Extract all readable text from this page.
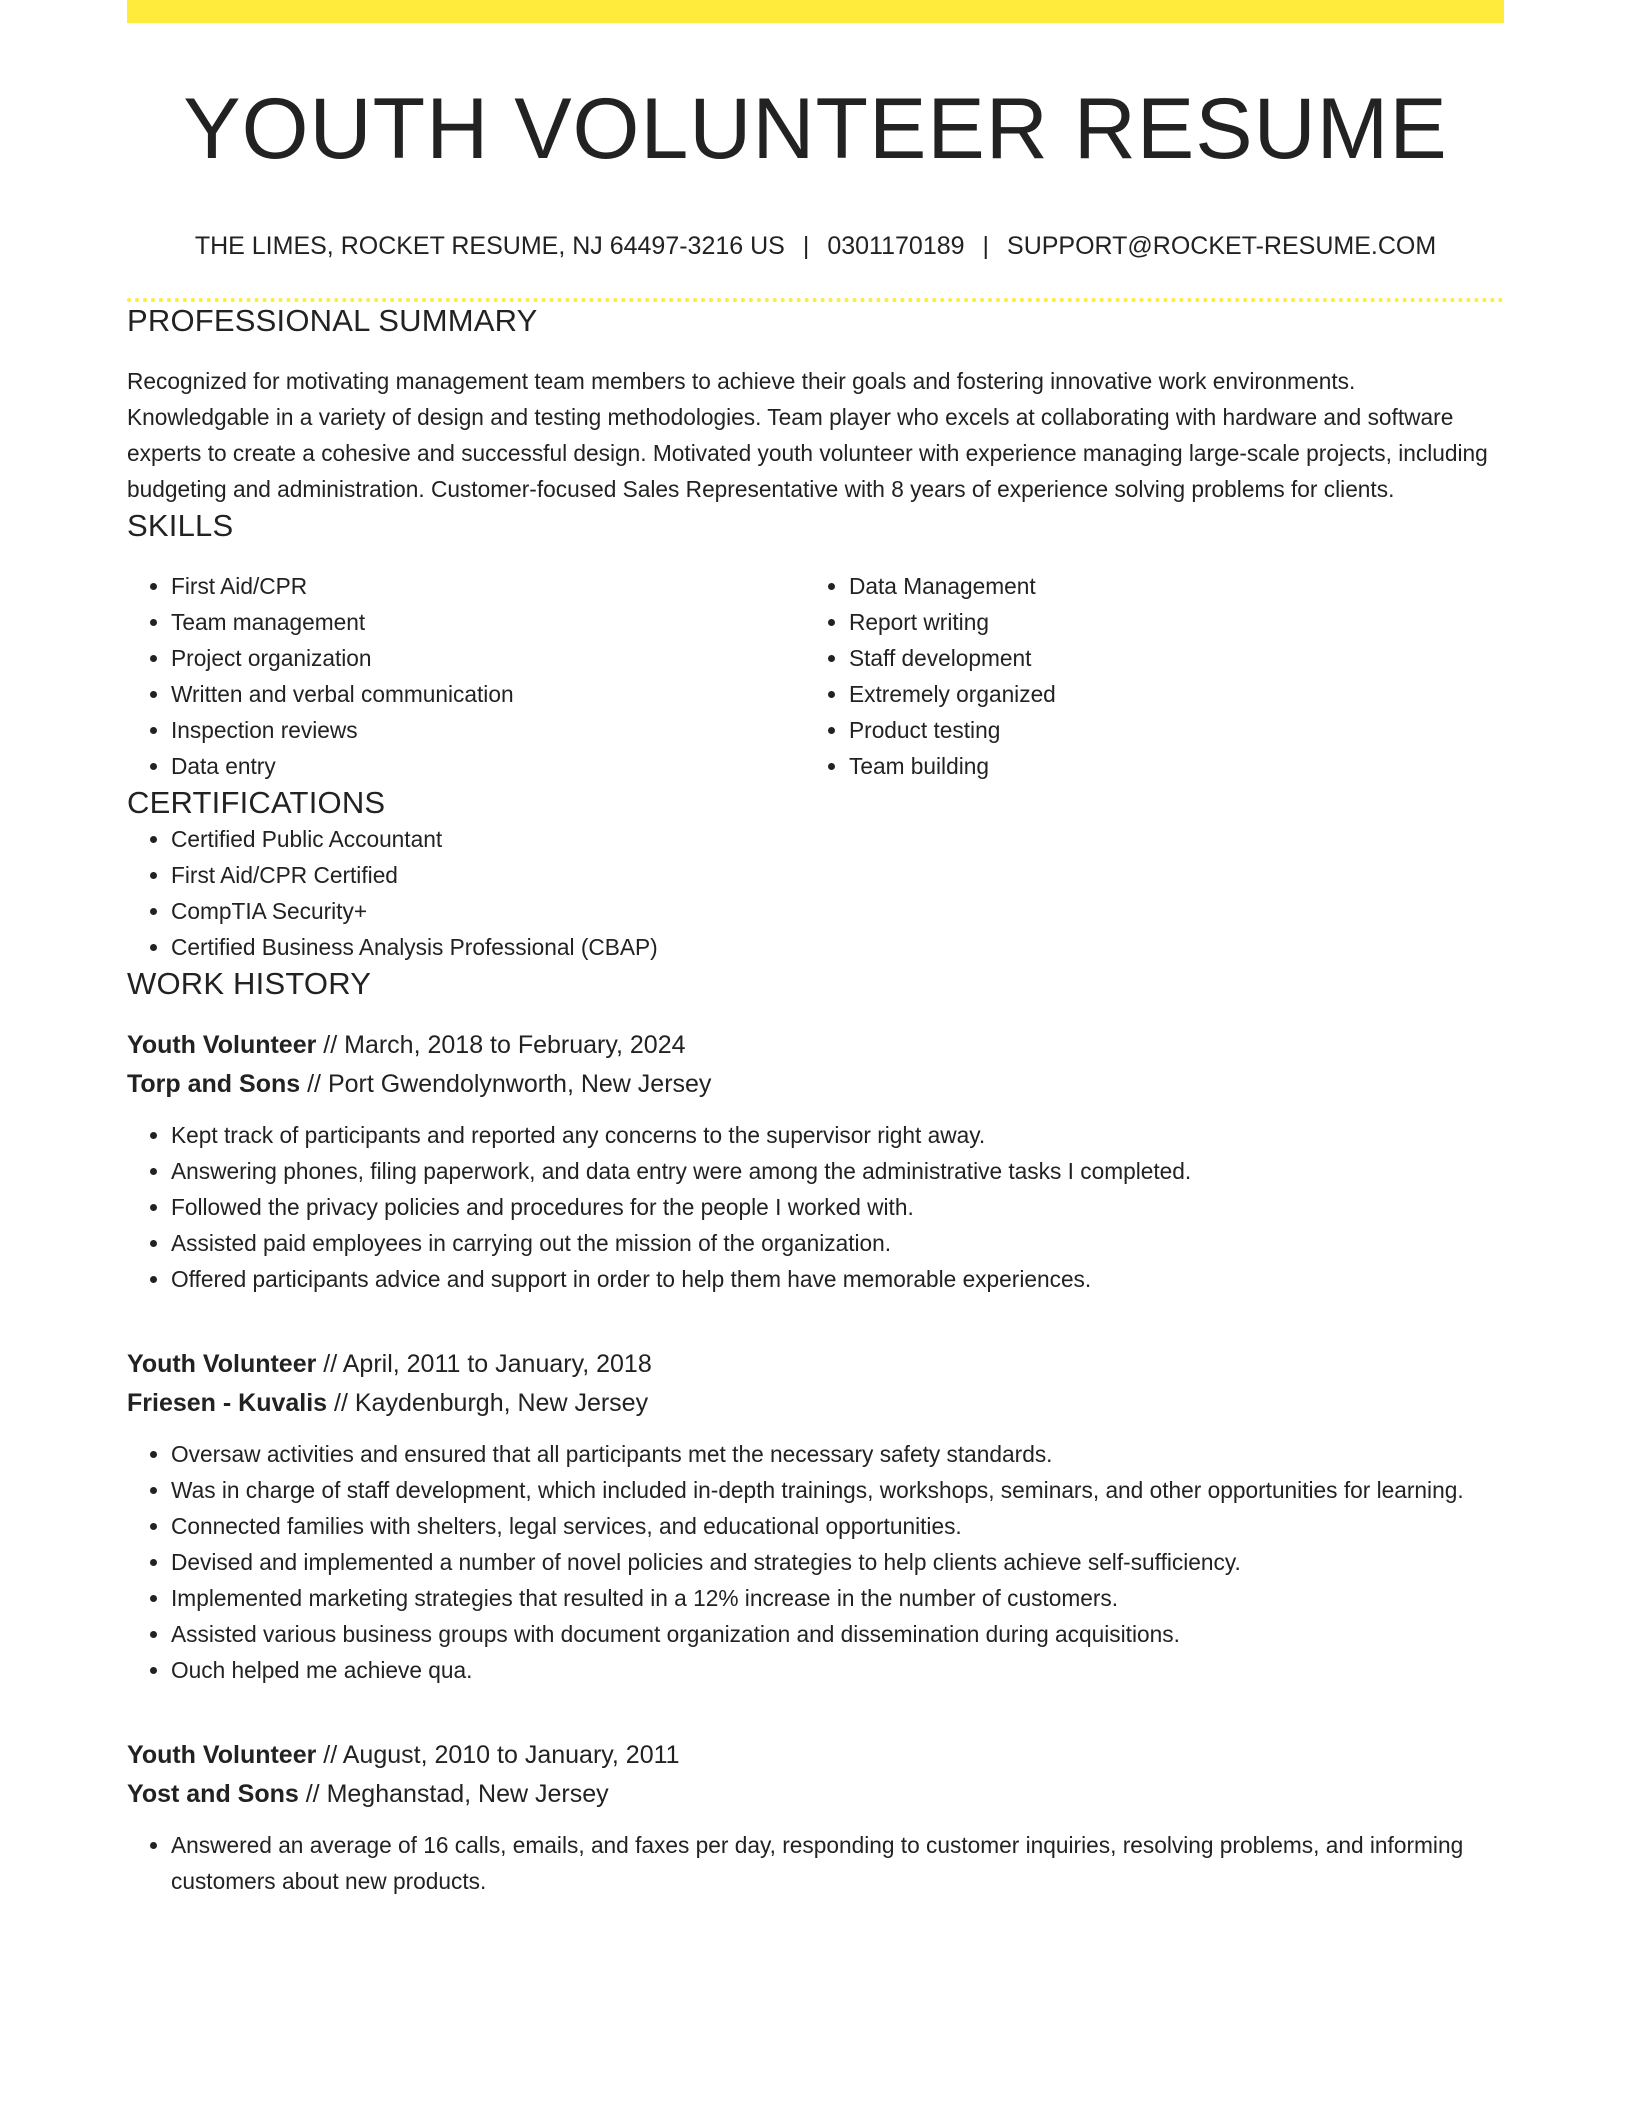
YOUTH VOLUNTEER RESUME
THE LIMES, ROCKET RESUME, NJ 64497-3216 US | 0301170189 | SUPPORT@ROCKET-RESUME.COM
PROFESSIONAL SUMMARY
Recognized for motivating management team members to achieve their goals and fostering innovative work environments. Knowledgable in a variety of design and testing methodologies. Team player who excels at collaborating with hardware and software experts to create a cohesive and successful design. Motivated youth volunteer with experience managing large-scale projects, including budgeting and administration. Customer-focused Sales Representative with 8 years of experience solving problems for clients.
SKILLS
• First Aid/CPR
• Team management
• Project organization
• Written and verbal communication
• Inspection reviews
• Data entry
• Data Management
• Report writing
• Staff development
• Extremely organized
• Product testing
• Team building
CERTIFICATIONS
• Certified Public Accountant
• First Aid/CPR Certified
• CompTIA Security+
• Certified Business Analysis Professional (CBAP)
WORK HISTORY
Youth Volunteer // March, 2018 to February, 2024
Torp and Sons // Port Gwendolynworth, New Jersey
• Kept track of participants and reported any concerns to the supervisor right away.
• Answering phones, filing paperwork, and data entry were among the administrative tasks I completed.
• Followed the privacy policies and procedures for the people I worked with.
• Assisted paid employees in carrying out the mission of the organization.
• Offered participants advice and support in order to help them have memorable experiences.
Youth Volunteer // April, 2011 to January, 2018
Friesen - Kuvalis // Kaydenburgh, New Jersey
• Oversaw activities and ensured that all participants met the necessary safety standards.
• Was in charge of staff development, which included in-depth trainings, workshops, seminars, and other opportunities for learning.
• Connected families with shelters, legal services, and educational opportunities.
• Devised and implemented a number of novel policies and strategies to help clients achieve self-sufficiency.
• Implemented marketing strategies that resulted in a 12% increase in the number of customers.
• Assisted various business groups with document organization and dissemination during acquisitions.
• Ouch helped me achieve qua.
Youth Volunteer // August, 2010 to January, 2011
Yost and Sons // Meghanstad, New Jersey
• Answered an average of 16 calls, emails, and faxes per day, responding to customer inquiries, resolving problems, and informing customers about new products.
